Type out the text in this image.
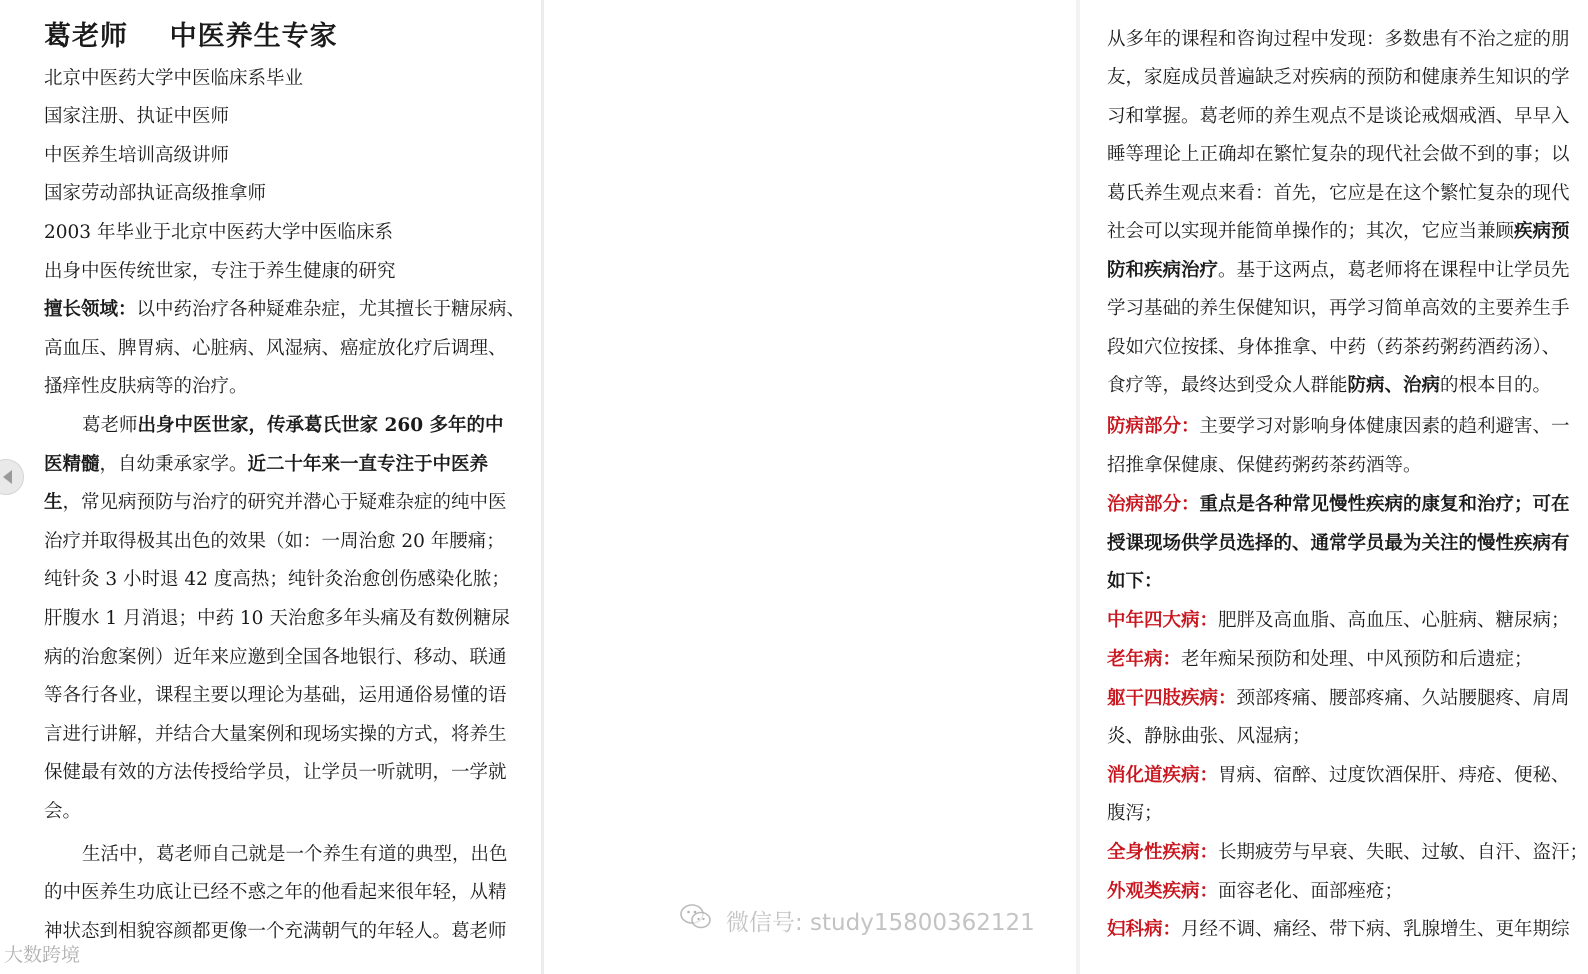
葛老师    中医养生专家
北京中医药大学中医临床系毕业
国家注册、执证中医师
中医养生培训高级讲师
国家劳动部执证高级推拿师
2003 年毕业于北京中医药大学中医临床系
出身中医传统世家，专注于养生健康的研究
擅长领域：以中药治疗各种疑难杂症，尤其擅长于糖尿病、
高血压、脾胃病、心脏病、风湿病、癌症放化疗后调理、
搔痒性皮肤病等的治疗。
葛老师出身中医世家，传承葛氏世家 260 多年的中
医精髓，自幼秉承家学。近二十年来一直专注于中医养
生，常见病预防与治疗的研究并潜心于疑难杂症的纯中医
治疗并取得极其出色的效果（如：一周治愈 20 年腰痛；
纯针灸 3 小时退 42 度高热；纯针灸治愈创伤感染化脓；
肝腹水 1 月消退；中药 10 天治愈多年头痛及有数例糖尿
病的治愈案例）近年来应邀到全国各地银行、移动、联通
等各行各业，课程主要以理论为基础，运用通俗易懂的语
言进行讲解，并结合大量案例和现场实操的方式，将养生
保健最有效的方法传授给学员，让学员一听就明，一学就
会。
生活中，葛老师自己就是一个养生有道的典型，出色
的中医养生功底让已经不惑之年的他看起来很年轻，从精
神状态到相貌容颜都更像一个充满朝气的年轻人。葛老师
从多年的课程和咨询过程中发现：多数患有不治之症的朋
友，家庭成员普遍缺乏对疾病的预防和健康养生知识的学
习和掌握。葛老师的养生观点不是谈论戒烟戒酒、早早入
睡等理论上正确却在繁忙复杂的现代社会做不到的事；以
葛氏养生观点来看：首先，它应是在这个繁忙复杂的现代
社会可以实现并能简单操作的；其次，它应当兼顾疾病预
防和疾病治疗。基于这两点，葛老师将在课程中让学员先
学习基础的养生保健知识，再学习简单高效的主要养生手
段如穴位按揉、身体推拿、中药（药茶药粥药酒药汤）、
食疗等，最终达到受众人群能防病、治病的根本目的。
防病部分：主要学习对影响身体健康因素的趋利避害、一
招推拿保健康、保健药粥药茶药酒等。
治病部分：重点是各种常见慢性疾病的康复和治疗；可在
授课现场供学员选择的、通常学员最为关注的慢性疾病有
如下：
中年四大病：肥胖及高血脂、高血压、心脏病、糖尿病；
老年病：老年痴呆预防和处理、中风预防和后遗症；
躯干四肢疾病：颈部疼痛、腰部疼痛、久站腰腿疼、肩周
炎、静脉曲张、风湿病；
消化道疾病：胃病、宿醉、过度饮酒保肝、痔疮、便秘、
腹泻；
全身性疾病：长期疲劳与早衰、失眠、过敏、自汗、盗汗；
外观类疾病：面容老化、面部痤疮；
妇科病：月经不调、痛经、带下病、乳腺增生、更年期综
微信号: study15800362121
大数跨境
